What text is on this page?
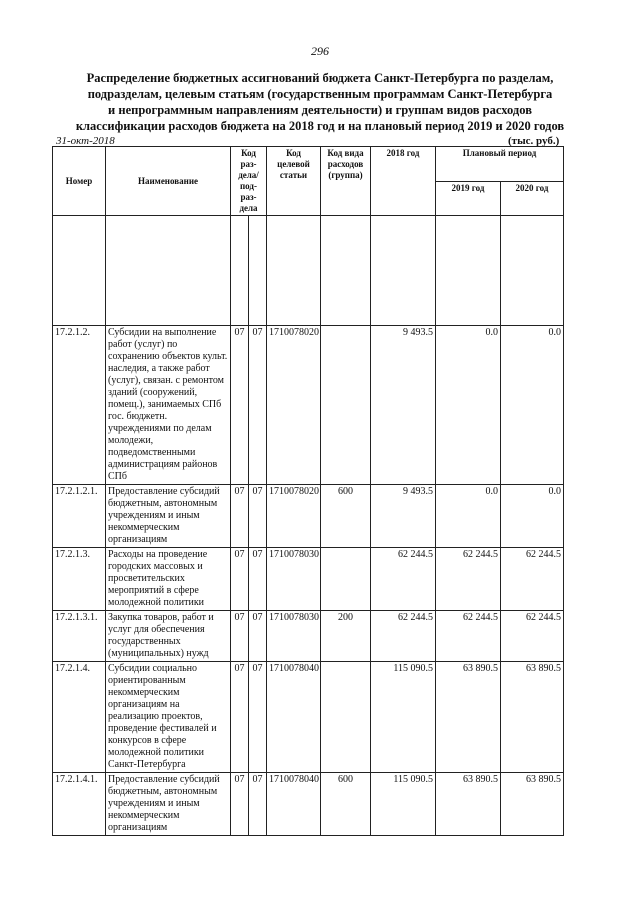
296
Распределение бюджетных ассигнований бюджета Санкт-Петербурга по разделам,
подразделам, целевым статьям (государственным программам Санкт-Петербурга
и непрограммным направлениям деятельности) и группам видов расходов
классификации расходов бюджета на 2018 год и на плановый период 2019 и 2020 годов
31-окт-2018	(тыс. руб.)
Номер	Наименование	Код раз-дела/ под-раз-дела		Код целевой статьи	Код вида расходов (группа)	2018 год	Плановый период	
							2019 год	2020 год

17.2.1.2.	Субсидии на выполнение работ (услуг) по сохранению объектов культ. наследия, а также работ (услуг), связан. с ремонтом зданий (сооружений, помещ.), занимаемых СПб гос. бюджетн. учреждениями по делам молодежи, подведомственными администрациям районов СПб	07	07	1710078020		9 493.5	0.0	0.0
17.2.1.2.1.	Предоставление субсидий бюджетным, автономным учреждениям и иным некоммерческим организациям	07	07	1710078020	600	9 493.5	0.0	0.0
17.2.1.3.	Расходы на проведение городских массовых и просветительских мероприятий в сфере молодежной политики	07	07	1710078030		62 244.5	62 244.5	62 244.5
17.2.1.3.1.	Закупка товаров, работ и услуг для обеспечения государственных (муниципальных) нужд	07	07	1710078030	200	62 244.5	62 244.5	62 244.5
17.2.1.4.	Субсидии социально ориентированным некоммерческим организациям на реализацию проектов, проведение фестивалей и конкурсов в сфере молодежной политики Санкт-Петербурга	07	07	1710078040		115 090.5	63 890.5	63 890.5
17.2.1.4.1.	Предоставление субсидий бюджетным, автономным учреждениям и иным некоммерческим организациям	07	07	1710078040	600	115 090.5	63 890.5	63 890.5
